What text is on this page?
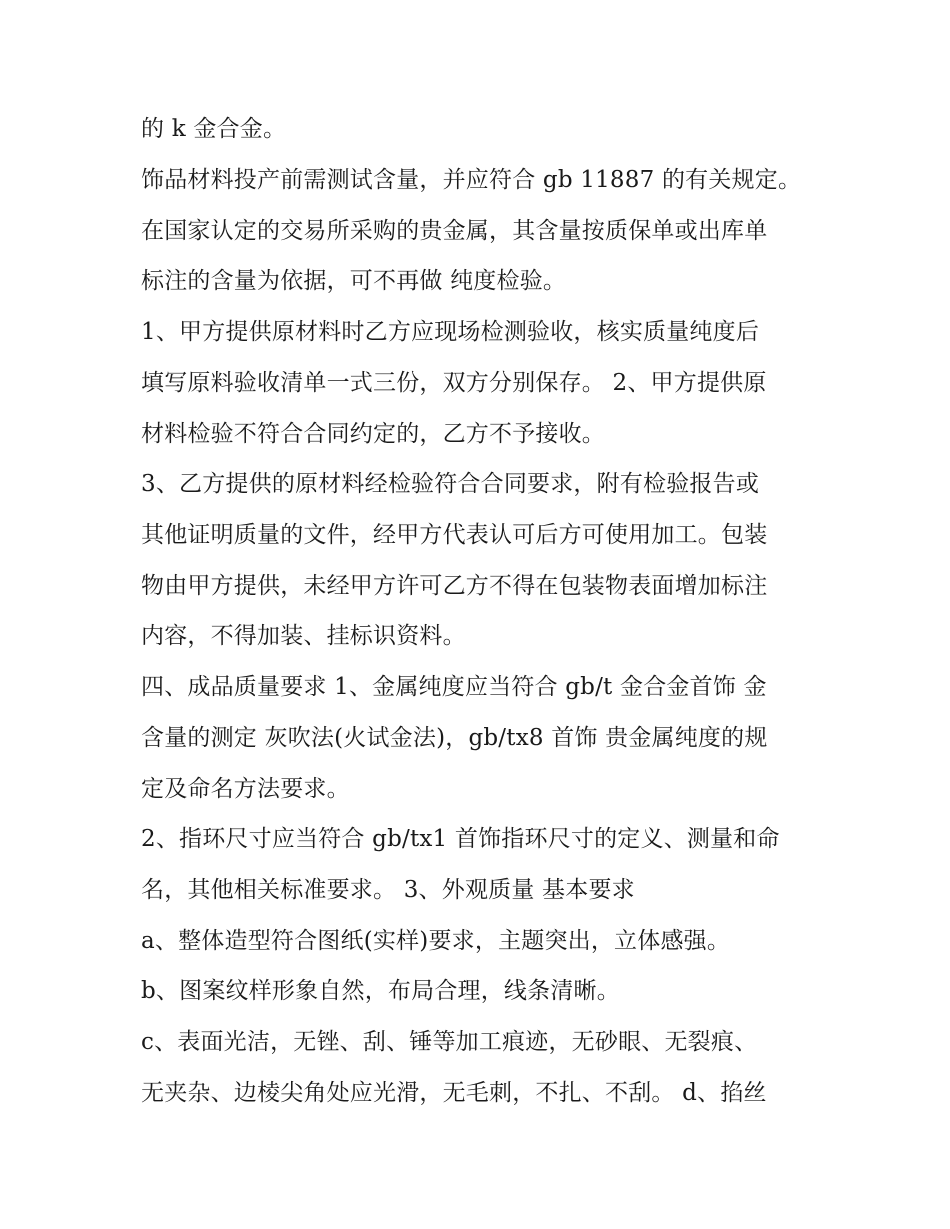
的 k 金合金。
饰品材料投产前需测试含量，并应符合 gb 11887 的有关规定。
在国家认定的交易所采购的贵金属，其含量按质保单或出库单
标注的含量为依据，可不再做 纯度检验。
1、甲方提供原材料时乙方应现场检测验收，核实质量纯度后
填写原料验收清单一式三份，双方分别保存。 2、甲方提供原
材料检验不符合合同约定的，乙方不予接收。
3、乙方提供的原材料经检验符合合同要求，附有检验报告或
其他证明质量的文件，经甲方代表认可后方可使用加工。包装
物由甲方提供，未经甲方许可乙方不得在包装物表面增加标注
内容，不得加装、挂标识资料。
四、成品质量要求 1、金属纯度应当符合 gb/t 金合金首饰 金
含量的测定 灰吹法(火试金法)，gb/tx8 首饰 贵金属纯度的规
定及命名方法要求。
2、指环尺寸应当符合 gb/tx1 首饰指环尺寸的定义、测量和命
名，其他相关标准要求。 3、外观质量 基本要求
a、整体造型符合图纸(实样)要求，主题突出，立体感强。
b、图案纹样形象自然，布局合理，线条清晰。
c、表面光洁，无锉、刮、锤等加工痕迹，无砂眼、无裂痕、
无夹杂、边棱尖角处应光滑，无毛刺，不扎、不刮。 d、掐丝
